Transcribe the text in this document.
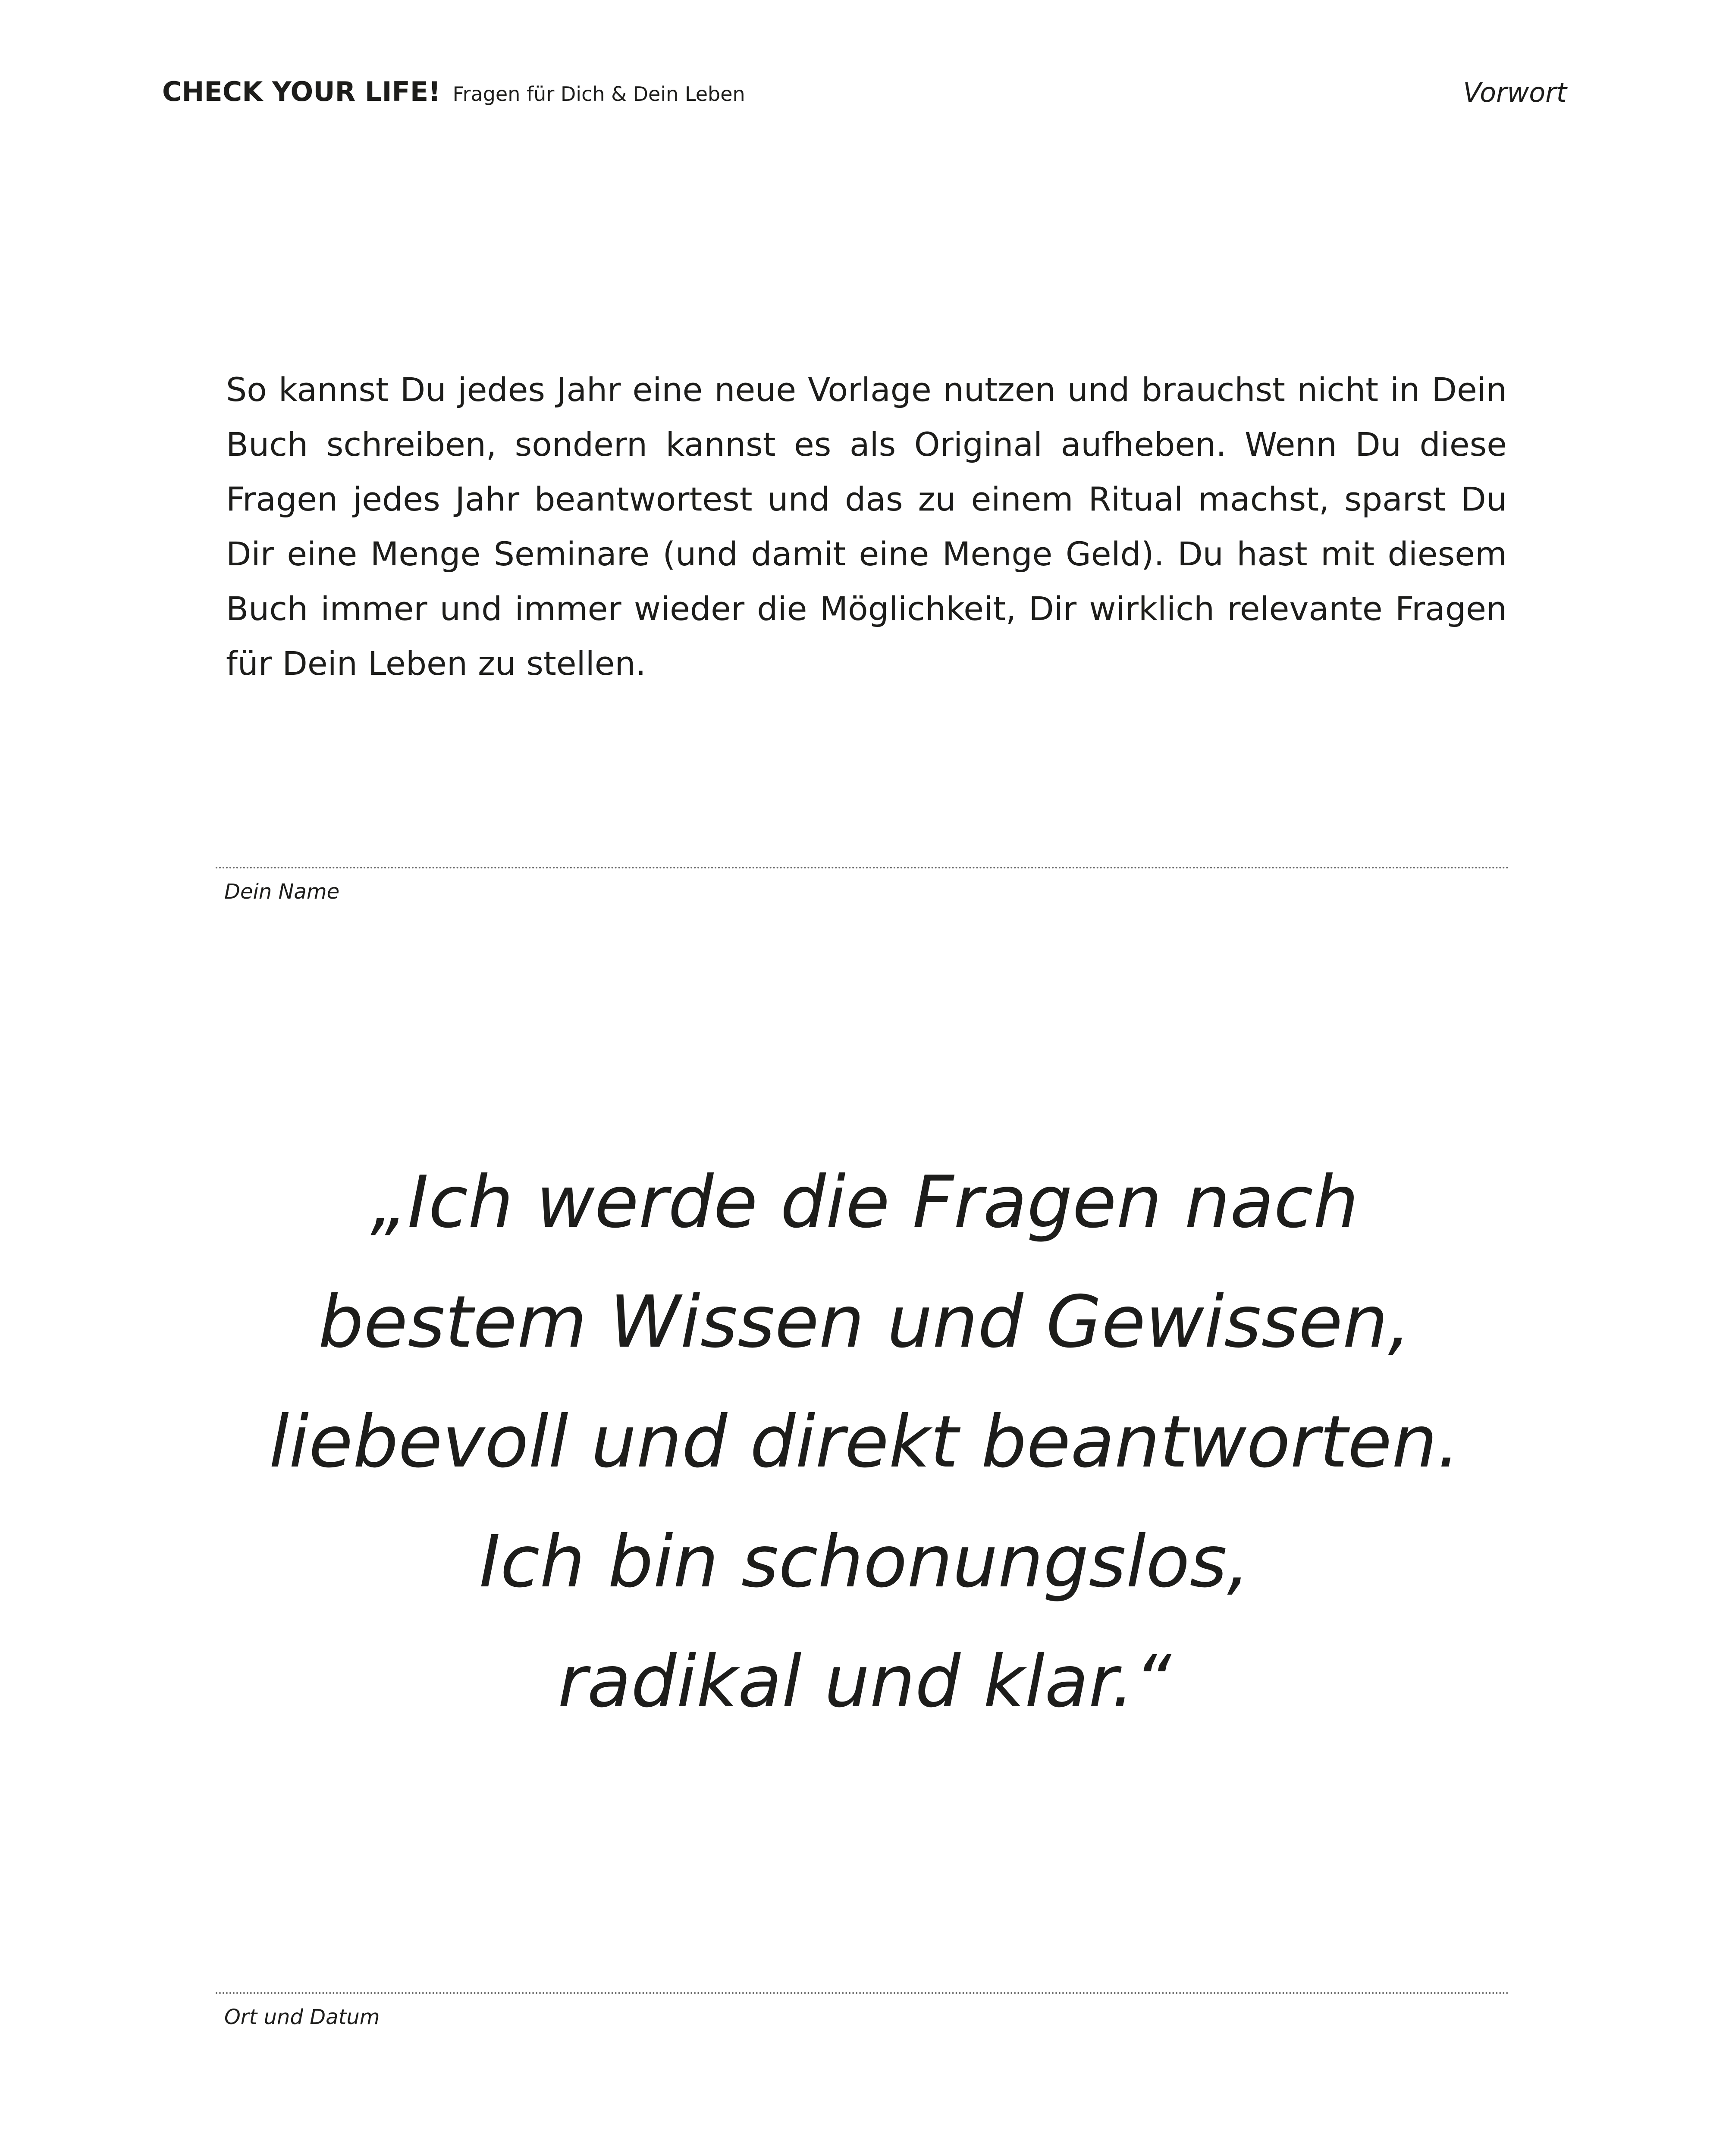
CHECK YOUR LIFE! Fragen für Dich & Dein Leben	Vorwort

So kannst Du jedes Jahr eine neue Vorlage nutzen und brauchst nicht in Dein Buch schreiben, sondern kannst es als Original aufheben. Wenn Du diese Fragen jedes Jahr beantwortest und das zu einem Ritual machst, sparst Du Dir eine Menge Seminare (und damit eine Menge Geld). Du hast mit diesem Buch immer und immer wieder die Möglichkeit, Dir wirklich relevante Fragen für Dein Leben zu stellen.

Dein Name
„Ich werde die Fragen nach
bestem Wissen und Gewissen,
liebevoll und direkt beantworten.
Ich bin schonungslos,
radikal und klar.“
Ort und Datum
